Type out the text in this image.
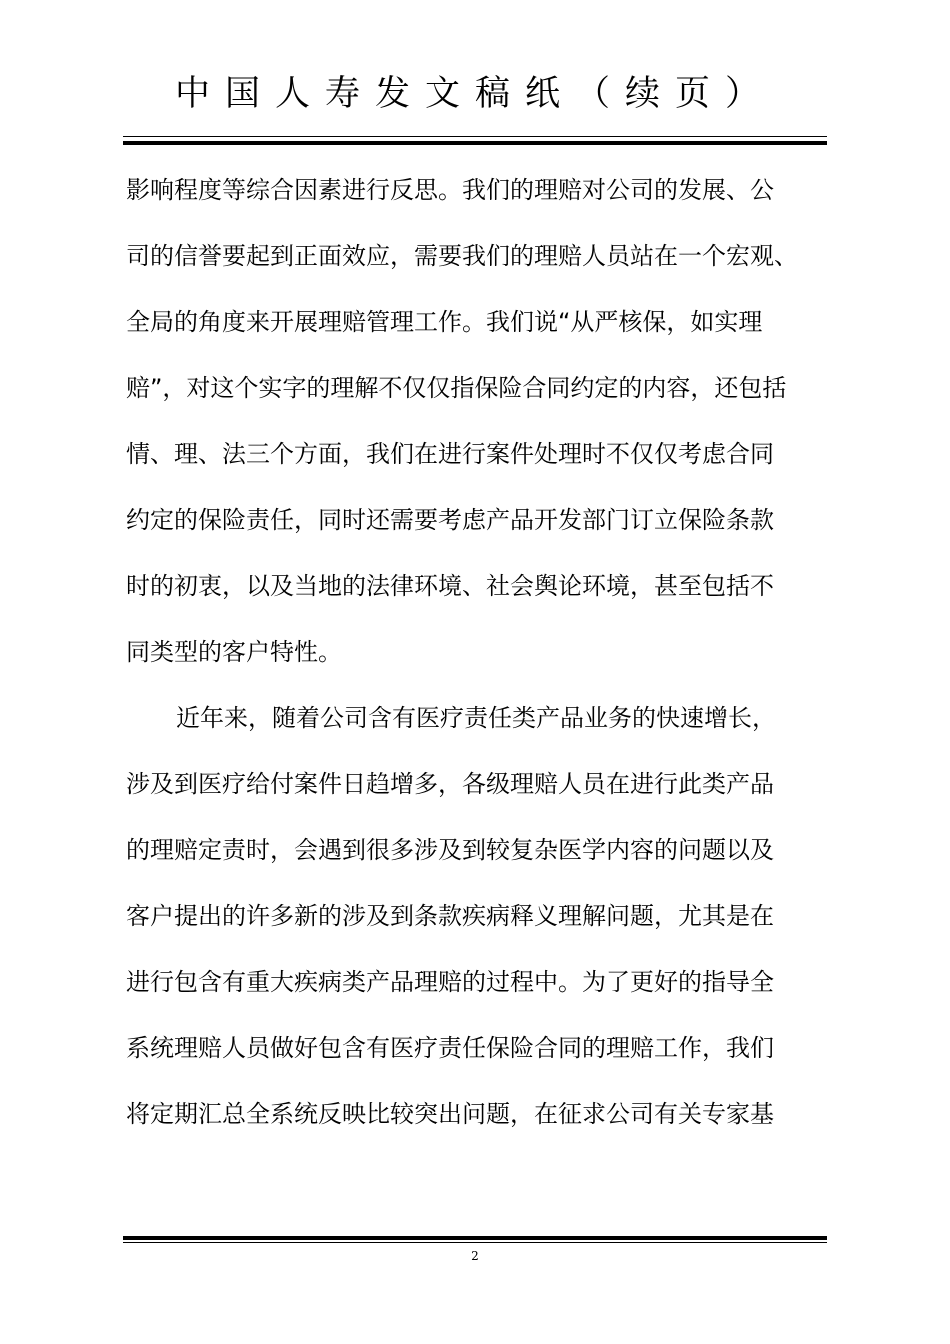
中国人寿发文稿纸（续页）
影响程度等综合因素进行反思。我们的理赔对公司的发展、公
司的信誉要起到正面效应，需要我们的理赔人员站在一个宏观、
全局的角度来开展理赔管理工作。我们说“从严核保，如实理
赔”，对这个实字的理解不仅仅指保险合同约定的内容，还包括
情、理、法三个方面，我们在进行案件处理时不仅仅考虑合同
约定的保险责任，同时还需要考虑产品开发部门订立保险条款
时的初衷，以及当地的法律环境、社会舆论环境，甚至包括不
同类型的客户特性。
近年来，随着公司含有医疗责任类产品业务的快速增长，
涉及到医疗给付案件日趋增多，各级理赔人员在进行此类产品
的理赔定责时，会遇到很多涉及到较复杂医学内容的问题以及
客户提出的许多新的涉及到条款疾病释义理解问题，尤其是在
进行包含有重大疾病类产品理赔的过程中。为了更好的指导全
系统理赔人员做好包含有医疗责任保险合同的理赔工作，我们
将定期汇总全系统反映比较突出问题，在征求公司有关专家基
2
